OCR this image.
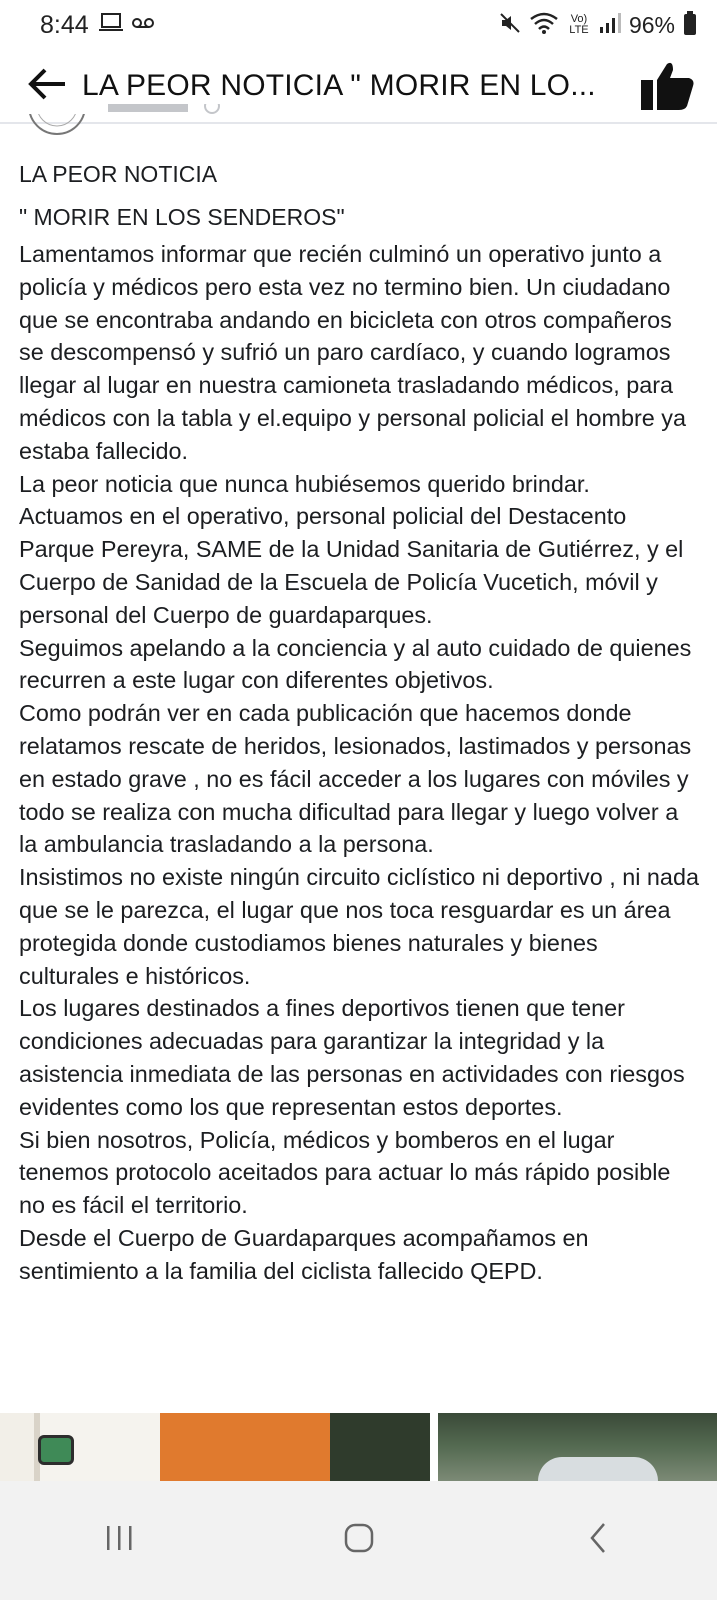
8:44	Vo) LTE 96%
LA PEOR NOTICIA " MORIR EN LO...
LA PEOR NOTICIA
" MORIR EN LOS SENDEROS"
Lamentamos informar que recién culminó un operativo junto a policía y médicos pero esta vez no termino bien. Un ciudadano que se encontraba andando en bicicleta con otros compañeros se descompensó y sufrió un paro cardíaco, y cuando logramos llegar al lugar en nuestra camioneta trasladando médicos, para médicos con la tabla y el.equipo y personal policial el hombre ya estaba fallecido.
La peor noticia que nunca hubiésemos querido brindar.
Actuamos en el operativo, personal policial del Destacento Parque Pereyra, SAME de la Unidad Sanitaria de Gutiérrez, y el Cuerpo de Sanidad de la Escuela de Policía Vucetich, móvil y personal del Cuerpo de guardaparques.
Seguimos apelando a la conciencia y al auto cuidado de quienes recurren a este lugar con diferentes objetivos.
Como podrán ver en cada publicación que hacemos donde relatamos rescate de heridos, lesionados, lastimados y personas en estado grave , no es fácil acceder a los lugares con móviles y todo se realiza con mucha dificultad para llegar y luego volver a la ambulancia trasladando a la persona.
Insistimos no existe ningún circuito ciclístico ni deportivo , ni nada que se le parezca, el lugar que nos toca resguardar es un área protegida donde custodiamos bienes naturales y bienes culturales e históricos.
Los lugares destinados a fines deportivos tienen que tener condiciones adecuadas para garantizar la integridad y la asistencia inmediata de las personas en actividades con riesgos evidentes como los que representan estos deportes.
Si bien nosotros, Policía, médicos y bomberos en el lugar tenemos protocolo aceitados para actuar lo más rápido posible no es fácil el territorio.
Desde el Cuerpo de Guardaparques acompañamos en sentimiento a la familia del ciclista fallecido QEPD.
